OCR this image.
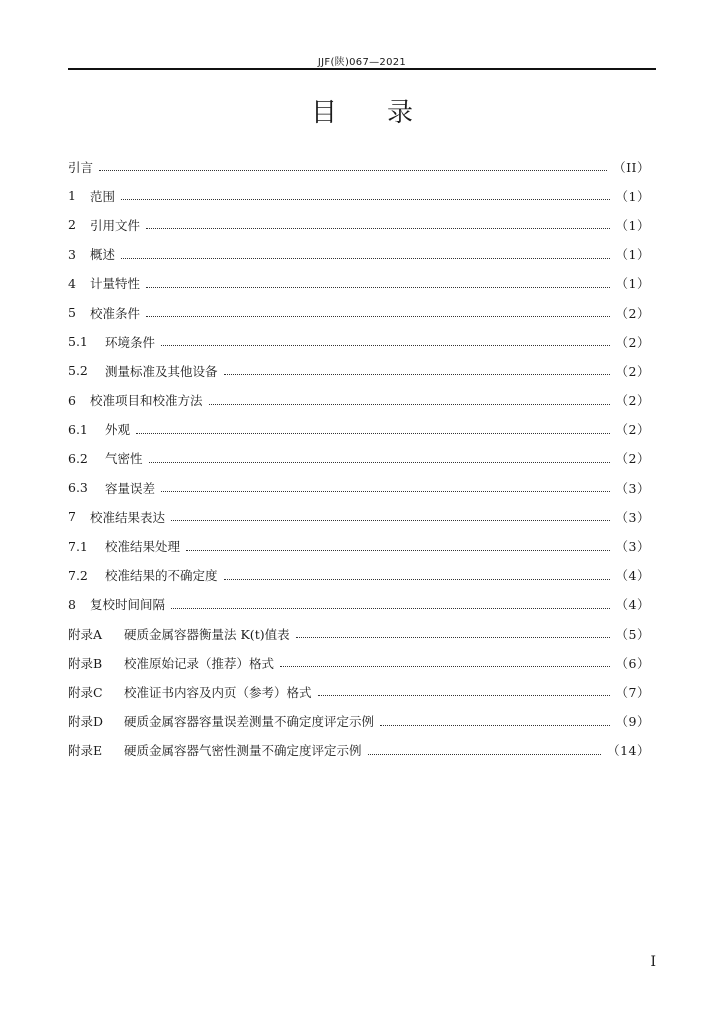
JJF(陕)067—2021
目录
引言	（II）
1	范围	（1）
2	引用文件	（1）
3	概述	（1）
4	计量特性	（1）
5	校准条件	（2）
5.1	环境条件	（2）
5.2	测量标准及其他设备	（2）
6	校准项目和校准方法	（2）
6.1	外观	（2）
6.2	气密性	（2）
6.3	容量误差	（3）
7	校准结果表达	（3）
7.1	校准结果处理	（3）
7.2	校准结果的不确定度	（4）
8	复校时间间隔	（4）
附录A	硬质金属容器衡量法 K(t)值表	（5）
附录B	校准原始记录（推荐）格式	（6）
附录C	校准证书内容及内页（参考）格式	（7）
附录D	硬质金属容器容量误差测量不确定度评定示例	（9）
附录E	硬质金属容器气密性测量不确定度评定示例	（14）
I
